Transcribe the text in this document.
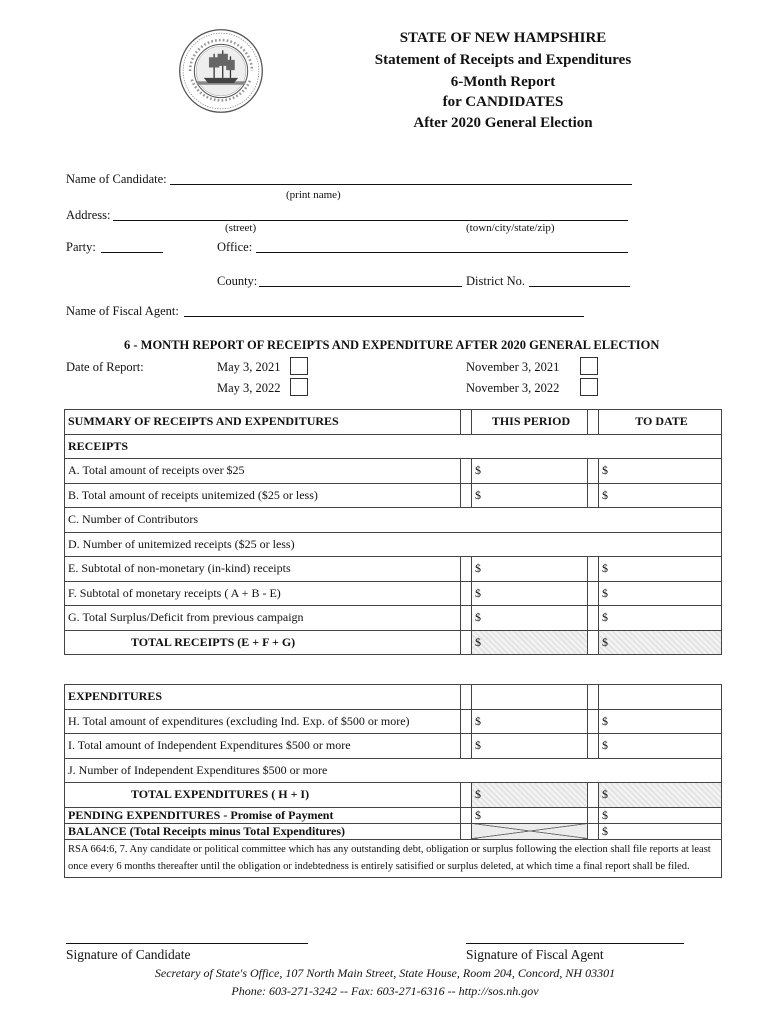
STATE OF NEW HAMPSHIRE
Statement of Receipts and Expenditures
6-Month Report
for CANDIDATES
After 2020 General Election
Name of Candidate:
(print name)
Address:
(street)	(town/city/state/zip)
Party:	Office:
County:	District No.
Name of Fiscal Agent:
6 - MONTH REPORT OF RECEIPTS AND EXPENDITURE AFTER 2020 GENERAL ELECTION
Date of Report:	May 3, 2021	November 3, 2021
May 3, 2022	November 3, 2022
SUMMARY OF RECEIPTS AND EXPENDITURES		THIS PERIOD		TO DATE
RECEIPTS				
A. Total amount of receipts over $25		$		$
B. Total amount of receipts unitemized ($25 or less)		$		$
C. Number of Contributors				
D. Number of unitemized receipts ($25 or less)				
E. Subtotal of non-monetary (in-kind) receipts		$		$
F. Subtotal of monetary receipts ( A + B - E)		$		$
G. Total Surplus/Deficit from previous campaign		$		$
TOTAL RECEIPTS (E + F + G)		$		$
EXPENDITURES				
H. Total amount of expenditures (excluding Ind. Exp. of $500 or more)		$		$
I. Total amount of Independent Expenditures $500 or more		$		$
J. Number of Independent Expenditures $500 or more				
TOTAL EXPENDITURES ( H + I)		$		$
PENDING EXPENDITURES - Promise of Payment		$		$
BALANCE (Total Receipts minus Total Expenditures)				$
RSA 664:6, 7. Any candidate or political committee which has any outstanding debt, obligation or surplus following the election shall file reports at least once every 6 months thereafter until the obligation or indebtedness is entirely satisified or surplus deleted, at which time a final report shall be filed.				
Signature of Candidate	Signature of Fiscal Agent
Secretary of State's Office, 107 North Main Street, State House, Room 204, Concord, NH 03301
Phone: 603-271-3242 -- Fax: 603-271-6316 -- http://sos.nh.gov
